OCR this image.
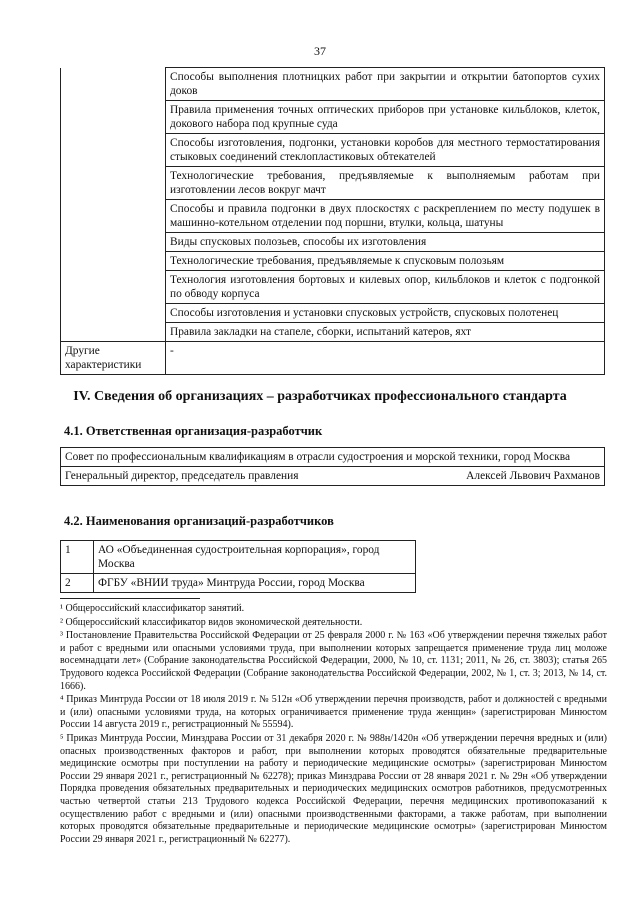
37
	Способы выполнения плотницких работ при закрытии и открытии батопортов сухих доков
	Правила применения точных оптических приборов при установке кильблоков, клеток, докового набора под крупные суда
	Способы изготовления, подгонки, установки коробов для местного термостатирования стыковых соединений стеклопластиковых обтекателей
	Технологические требования, предъявляемые к выполняемым работам при изготовлении лесов вокруг мачт
	Способы и правила подгонки в двух плоскостях с раскреплением по месту подушек в машинно-котельном отделении под поршни, втулки, кольца, шатуны
	Виды спусковых полозьев, способы их изготовления
	Технологические требования, предъявляемые к спусковым полозьям
	Технология изготовления бортовых и килевых опор, кильблоков и клеток с подгонкой по обводу корпуса
	Способы изготовления и установки спусковых устройств, спусковых полотенец
	Правила закладки на стапеле, сборки, испытаний катеров, яхт
Другие характеристики	-
IV. Сведения об организациях – разработчиках профессионального стандарта
4.1. Ответственная организация-разработчик
Совет по профессиональным квалификациям в отрасли судостроения и морской техники, город Москва
Генеральный директор, председатель правления	Алексей Львович Рахманов
4.2. Наименования организаций-разработчиков
1	АО «Объединенная судостроительная корпорация», город Москва
2	ФГБУ «ВНИИ труда» Минтруда России, город Москва

¹ Общероссийский классификатор занятий.

² Общероссийский классификатор видов экономической деятельности.

³ Постановление Правительства Российской Федерации от 25 февраля 2000 г. № 163 «Об утверждении перечня тяжелых работ и работ с вредными или опасными условиями труда, при выполнении которых запрещается применение труда лиц моложе восемнадцати лет» (Собрание законодательства Российской Федерации, 2000, № 10, ст. 1131; 2011, № 26, ст. 3803); статья 265 Трудового кодекса Российской Федерации (Собрание законодательства Российской Федерации, 2002, № 1, ст. 3; 2013, № 14, ст. 1666).

⁴ Приказ Минтруда России от 18 июля 2019 г. № 512н «Об утверждении перечня производств, работ и должностей с вредными и (или) опасными условиями труда, на которых ограничивается применение труда женщин» (зарегистрирован Минюстом России 14 августа 2019 г., регистрационный № 55594).

⁵ Приказ Минтруда России, Минздрава России от 31 декабря 2020 г. № 988н/1420н «Об утверждении перечня вредных и (или) опасных производственных факторов и работ, при выполнении которых проводятся обязательные предварительные медицинские осмотры при поступлении на работу и периодические медицинские осмотры» (зарегистрирован Минюстом России 29 января 2021 г., регистрационный № 62278); приказ Минздрава России от 28 января 2021 г. № 29н «Об утверждении Порядка проведения обязательных предварительных и периодических медицинских осмотров работников, предусмотренных частью четвертой статьи 213 Трудового кодекса Российской Федерации, перечня медицинских противопоказаний к осуществлению работ с вредными и (или) опасными производственными факторами, а также работам, при выполнении которых проводятся обязательные предварительные и периодические медицинские осмотры» (зарегистрирован Минюстом России 29 января 2021 г., регистрационный № 62277).
